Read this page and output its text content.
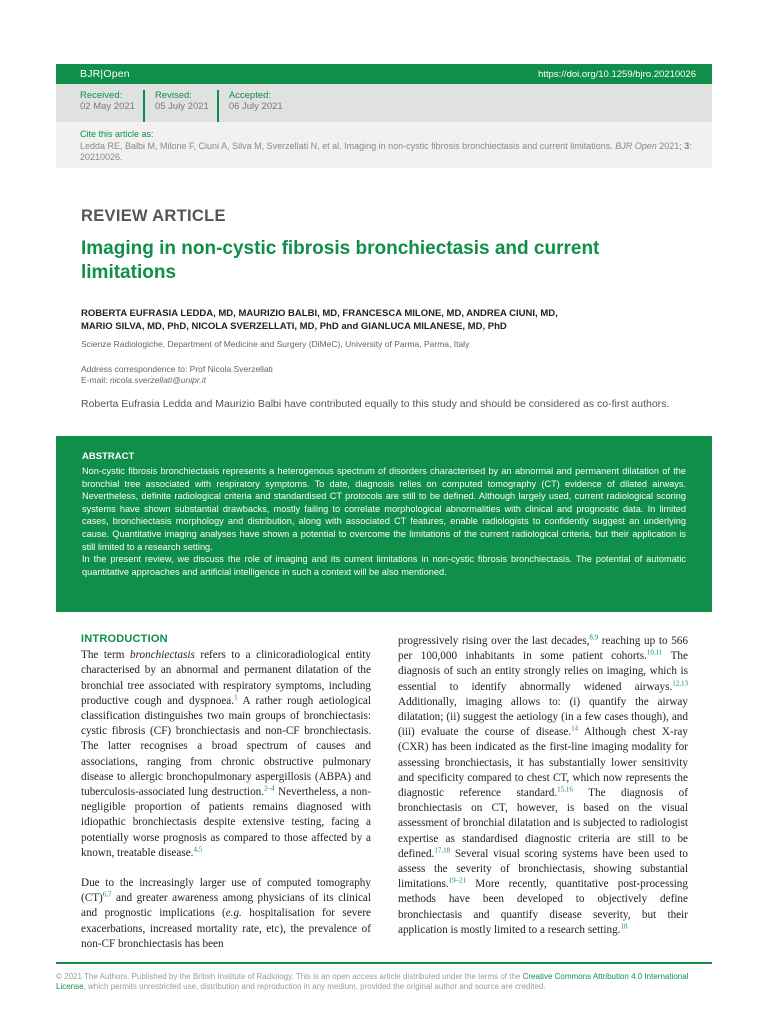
BJR|Open	https://doi.org/10.1259/bjro.20210026
Received:
02 May 2021
Revised:
05 July 2021
Accepted:
06 July 2021
Cite this article as:
Ledda RE, Balbi M, Milone F, Ciuni A, Silva M, Sverzellati N, et al. Imaging in non-cystic fibrosis bronchiectasis and current limitations. BJR Open 2021; 3: 20210026.
REVIEW ARTICLE
Imaging in non-cystic fibrosis bronchiectasis and current limitations
ROBERTA EUFRASIA LEDDA, MD, MAURIZIO BALBI, MD, FRANCESCA MILONE, MD, ANDREA CIUNI, MD,
MARIO SILVA, MD, PhD, NICOLA SVERZELLATI, MD, PhD and GIANLUCA MILANESE, MD, PhD
Scienze Radiologiche, Department of Medicine and Surgery (DiMeC), University of Parma, Parma, Italy
Address correspondence to: Prof Nicola Sverzellati
E-mail: nicola.sverzellati@unipr.it
Roberta Eufrasia Ledda and Maurizio Balbi have contributed equally to this study and should be considered as co-first authors.
ABSTRACT

Non-cystic fibrosis bronchiectasis represents a heterogenous spectrum of disorders characterised by an abnormal and permanent dilatation of the bronchial tree associated with respiratory symptoms. To date, diagnosis relies on computed tomography (CT) evidence of dilated airways. Nevertheless, definite radiological criteria and standardised CT protocols are still to be defined. Although largely used, current radiological scoring systems have shown substantial drawbacks, mostly failing to correlate morphological abnormalities with clinical and prognostic data. In limited cases, bronchiectasis morphology and distribution, along with associated CT features, enable radiologists to confidently suggest an underlying cause. Quantitative imaging analyses have shown a potential to overcome the limitations of the current radiological criteria, but their application is still limited to a research setting.

In the present review, we discuss the role of imaging and its current limitations in non-cystic fibrosis bronchiectasis. The potential of automatic quantitative approaches and artificial intelligence in such a context will be also mentioned.

INTRODUCTION

The term bronchiectasis refers to a clinicoradiological entity characterised by an abnormal and permanent dilatation of the bronchial tree associated with respiratory symptoms, including productive cough and dyspnoea.$^1$ A rather rough aetiological classification distinguishes two main groups of bronchiectasis: cystic fibrosis (CF) bronchiectasis and non-CF bronchiectasis. The latter recognises a broad spectrum of causes and associations, ranging from chronic obstructive pulmonary disease to allergic bronchopulmonary aspergillosis (ABPA) and tuberculosis-associated lung destruction.$^{2-4}$ Nevertheless, a non-negligible proportion of patients remains diagnosed with idiopathic bronchiectasis despite extensive testing, facing a potentially worse prognosis as compared to those affected by a known, treatable disease.$^{4,5}$

Due to the increasingly larger use of computed tomography (CT)$^{6,7}$ and greater awareness among physicians of its clinical and prognostic implications (e.g. hospitalisation for severe exacerbations, increased mortality rate, etc), the prevalence of non-CF bronchiectasis has been

progressively rising over the last decades,$^{8,9}$ reaching up to 566 per 100,000 inhabitants in some patient cohorts.$^{10,11}$ The diagnosis of such an entity strongly relies on imaging, which is essential to identify abnormally widened airways.$^{12,13}$ Additionally, imaging allows to: (i) quantify the airway dilatation; (ii) suggest the aetiology (in a few cases though), and (iii) evaluate the course of disease.$^{14}$ Although chest X-ray (CXR) has been indicated as the first-line imaging modality for assessing bronchiectasis, it has substantially lower sensitivity and specificity compared to chest CT, which now represents the diagnostic reference standard.$^{15,16}$ The diagnosis of bronchiectasis on CT, however, is based on the visual assessment of bronchial dilatation and is subjected to radiologist expertise as standardised diagnostic criteria are still to be defined.$^{17,18}$ Several visual scoring systems have been used to assess the severity of bronchiectasis, showing substantial limitations.$^{19-21}$ More recently, quantitative post-processing methods have been developed to objectively define bronchiectasis and quantify disease severity, but their application is mostly limited to a research setting.$^{18}$

© 2021 The Authors. Published by the British Institute of Radiology. This is an open access article distributed under the terms of the Creative Commons Attribution 4.0 International License, which permits unrestricted use, distribution and reproduction in any medium, provided the original author and source are credited.
